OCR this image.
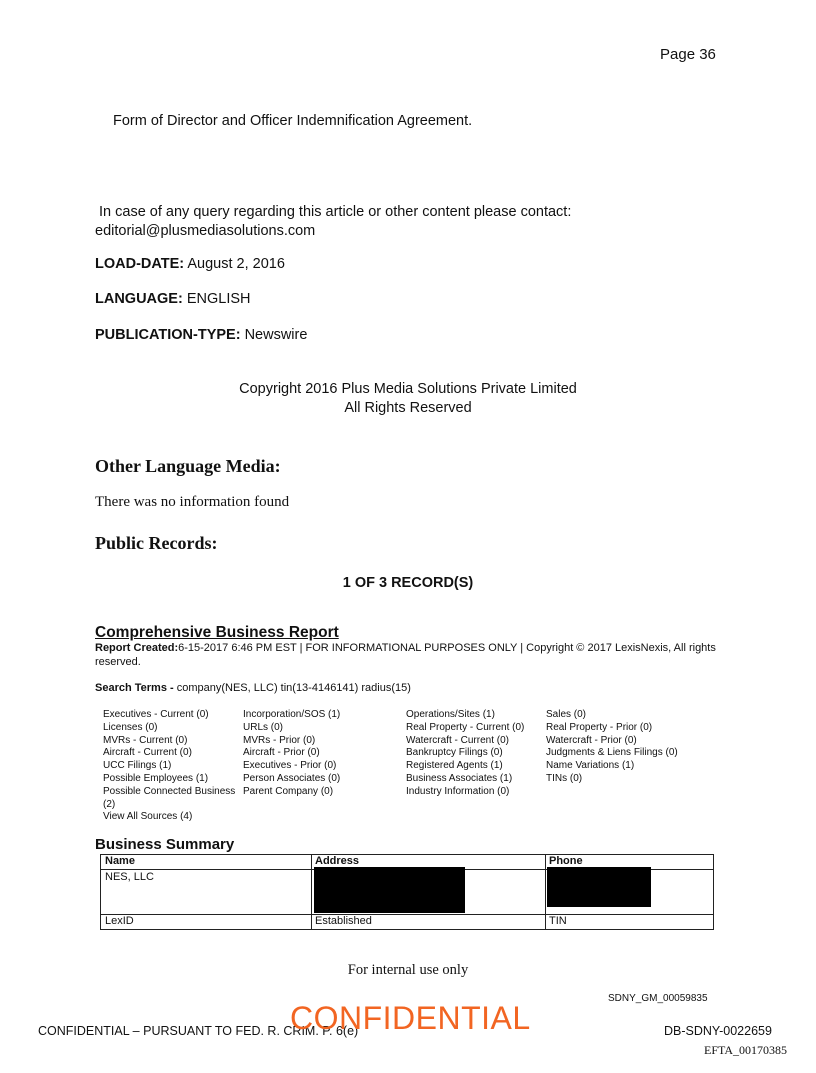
Page 36
Form of Director and Officer Indemnification Agreement.
In case of any query regarding this article or other content please contact:
editorial@plusmediasolutions.com
LOAD-DATE: August 2, 2016
LANGUAGE: ENGLISH
PUBLICATION-TYPE: Newswire
Copyright 2016 Plus Media Solutions Private Limited
All Rights Reserved
Other Language Media:
There was no information found
Public Records:
1 OF 3 RECORD(S)
Comprehensive Business Report
Report Created:6-15-2017 6:46 PM EST | FOR INFORMATIONAL PURPOSES ONLY | Copyright © 2017 LexisNexis, All rights reserved.
Search Terms - company(NES, LLC) tin(13-4146141) radius(15)
Executives - Current (0)
Licenses (0)
MVRs - Current (0)
Aircraft - Current (0)
UCC Filings (1)
Possible Employees (1)
Possible Connected Business (2)
View All Sources (4)
Incorporation/SOS (1)
URLs (0)
MVRs - Prior (0)
Aircraft - Prior (0)
Executives - Prior (0)
Person Associates (0)
Parent Company (0)
Operations/Sites (1)
Real Property - Current (0)
Watercraft - Current (0)
Bankruptcy Filings (0)
Registered Agents (1)
Business Associates (1)
Industry Information (0)
Sales (0)
Real Property - Prior (0)
Watercraft - Prior (0)
Judgments & Liens Filings (0)
Name Variations (1)
TINs (0)
Business Summary
Name	Address	Phone
NES, LLC
LexID	Established	TIN
For internal use only
SDNY_GM_00059835
CONFIDENTIAL – PURSUANT TO FED. R. CRIM. P. 6(e)
CONFIDENTIAL	DB-SDNY-0022659
EFTA_00170385
